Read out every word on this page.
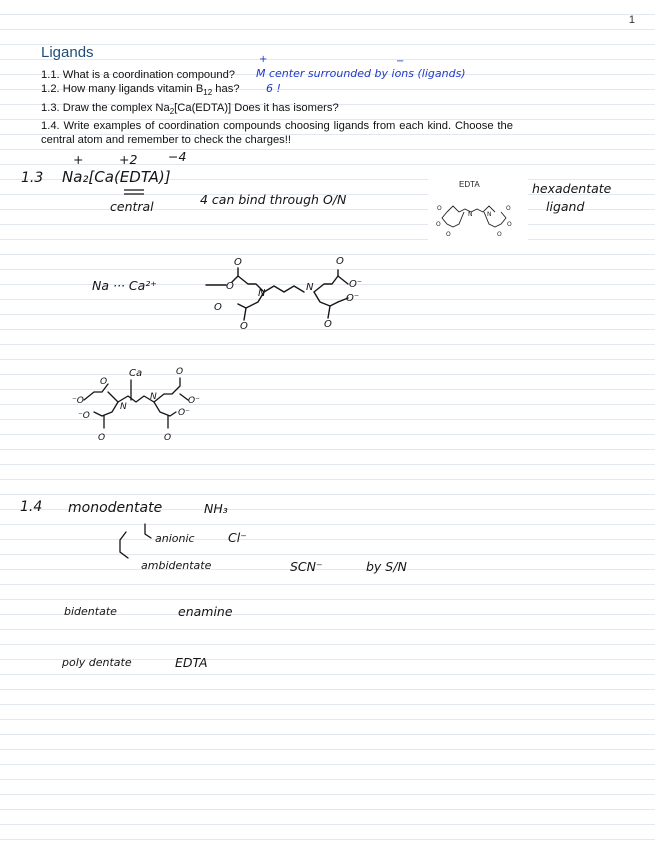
1
Ligands

1.1. What is a coordination compound?

1.2. How many ligands vitamin $B_{12}$ has?

1.3. Draw the complex $Na_2[Ca(EDTA)]$ Does it has isomers?

1.4. Write examples of coordination compounds choosing ligands from each kind. Choose the central atom and remember to check the charges!!

+
M center surrounded by ions (ligands)
−
6 !
+	+2 −4
1.3 Na₂[Ca(EDTA)]
central	4 can bind through O/N
hexadentate
ligand
EDTA
O
O
O
O
N N
O	O
Na ··· Ca²⁺	O
O
N
N
O
O⁻
O
O
O⁻
O
Ca
O
⁻O
N
N
O
O⁻
⁻O
O
O⁻
O
1.4 monodentate	NH₃
anionic	Cl⁻
ambidentate	SCN⁻	by S/N
bidentate	enamine
poly dentate	EDTA
